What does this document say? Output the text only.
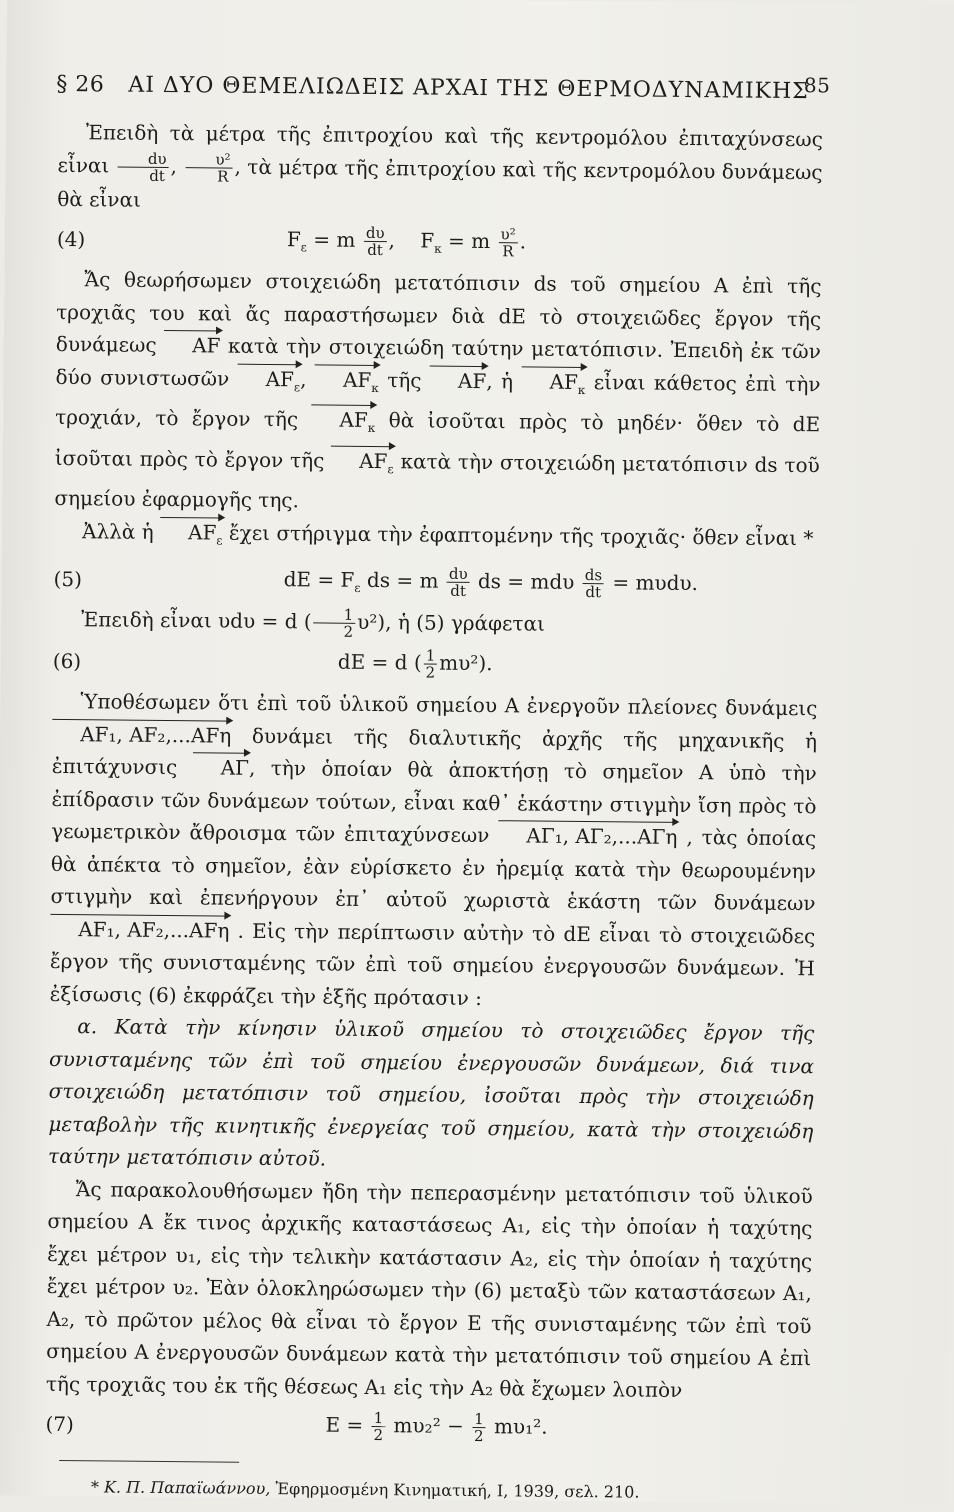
§ 26 ΑΙ ΔΥΟ ΘΕΜΕΛΙΩΔΕΙΣ ΑΡΧΑΙ ΤΗΣ ΘΕΡΜΟΔΥΝΑΜΙΚΗΣ
85

Ἐπειδὴ τὰ μέτρα τῆς ἐπιτροχίου καὶ τῆς κεντρομόλου ἐπιταχύνσεως εἶναι $\frac{d\upsilon}{dt}$ , $\frac{\text{υ²}}{R}$ , τὰ μέτρα τῆς ἐπιτροχίου καὶ τῆς κεντρομόλου δυνάμεως θὰ εἶναι

(4)	$F_\varepsilon = m \frac{d\upsilon}{dt}$ ,    $F_\kappa = m \frac{\text{υ²}}{R}$ .

Ἄς θεωρήσωμεν στοιχειώδη μετατόπισιν ds τοῦ σημείου Α ἐπὶ τῆς τροχιᾶς του καὶ ἄς παραστήσωμεν διὰ dE τὸ στοιχειῶδες ἔργον τῆς δυνάμεως AF κατὰ τὴν στοιχειώδη ταύτην μετατόπισιν. Ἐπειδὴ ἐκ τῶν δύο συνιστωσῶν $AF_\varepsilon$, $AF_\kappa$ τῆς AF, ἡ $AF_\kappa$ εἶναι κάθετος ἐπὶ τὴν τροχιάν, τὸ ἔργον τῆς $AF_\kappa$ θὰ ἰσοῦται πρὸς τὸ μηδέν· ὅθεν τὸ dE ἰσοῦται πρὸς τὸ ἔργον τῆς $AF_\varepsilon$ κατὰ τὴν στοιχειώδη μετατόπισιν ds τοῦ σημείου ἐφαρμογῆς της.

Ἀλλὰ ἡ $AF_\varepsilon$ ἔχει στήριγμα τὴν ἐφαπτομένην τῆς τροχιᾶς· ὅθεν εἶναι *

(5)	dE = $F_\varepsilon$ ds = m $\frac{d\upsilon}{dt}$ ds = mdυ $\frac{ds}{dt} = m\upsilon d\upsilon$.

Ἐπειδὴ εἶναι υdυ = d ( $\frac{1}{2} \upsilon^2$), ἡ (5) γράφεται

(6)	dE = d ( $\frac{1}{2} m\upsilon^2$).

Ὑποθέσωμεν ὅτι ἐπὶ τοῦ ὑλικοῦ σημείου Α ἐνεργοῦν πλείονες δυνάμεις AF₁, AF₂,...AFη δυνάμει τῆς διαλυτικῆς ἀρχῆς τῆς μηχανικῆς ἡ ἐπιτάχυνσις AΓ, τὴν ὁποίαν θὰ ἀποκτήσῃ τὸ σημεῖον Α ὑπὸ τὴν ἐπίδρασιν τῶν δυνάμεων τούτων, εἶναι καθ᾿ ἑκάστην στιγμὴν ἴση πρὸς τὸ γεωμετρικὸν ἄθροισμα τῶν ἐπιταχύνσεων AΓ₁, AΓ₂,...AΓη , τὰς ὁποίας θὰ ἀπέκτα τὸ σημεῖον, ἐὰν εὑρίσκετο ἐν ἠρεμίᾳ κατὰ τὴν θεωρουμένην στιγμὴν καὶ ἐπενήργουν ἐπ᾿ αὐτοῦ χωριστὰ ἑκάστη τῶν δυνάμεων AF₁, AF₂,...AFη . Εἰς τὴν περίπτωσιν αὐτὴν τὸ dE εἶναι τὸ στοιχειῶδες ἔργον τῆς συνισταμένης τῶν ἐπὶ τοῦ σημείου ἐνεργουσῶν δυνάμεων. Ἡ ἐξίσωσις (6) ἐκφράζει τὴν ἑξῆς πρότασιν :

α. Κατὰ τὴν κίνησιν ὑλικοῦ σημείου τὸ στοιχειῶδες ἔργον τῆς συνισταμένης τῶν ἐπὶ τοῦ σημείου ἐνεργουσῶν δυνάμεων, διά τινα στοιχειώδη μετατόπισιν τοῦ σημείου, ἰσοῦται πρὸς τὴν στοιχειώδη μεταβολὴν τῆς κινητικῆς ἐνεργείας τοῦ σημείου, κατὰ τὴν στοιχειώδη ταύτην μετατόπισιν αὐτοῦ.

Ἄς παρακολουθήσωμεν ἤδη τὴν πεπερασμένην μετατόπισιν τοῦ ὑλικοῦ σημείου Α ἔκ τινος ἀρχικῆς καταστάσεως Α₁, εἰς τὴν ὁποίαν ἡ ταχύτης ἔχει μέτρον υ₁, εἰς τὴν τελικὴν κατάστασιν Α₂, εἰς τὴν ὁποίαν ἡ ταχύτης ἔχει μέτρον υ₂. Ἐὰν ὁλοκληρώσωμεν τὴν (6) μεταξὺ τῶν καταστάσεων Α₁, Α₂, τὸ πρῶτον μέλος θὰ εἶναι τὸ ἔργον Ε τῆς συνισταμένης τῶν ἐπὶ τοῦ σημείου Α ἐνεργουσῶν δυνάμεων κατὰ τὴν μετατόπισιν τοῦ σημείου Α ἐπὶ τῆς τροχιᾶς του ἐκ τῆς θέσεως Α₁ εἰς τὴν Α₂ θὰ ἔχωμεν λοιπὸν

(7)	$E = \frac{1}{2} m\upsilon_2^2 - \frac{1}{2} m\upsilon_1^2$.
* Κ. Π. Παπαϊωάννου, Ἐφηρμοσμένη Κινηματική, Ι, 1939, σελ. 210.
